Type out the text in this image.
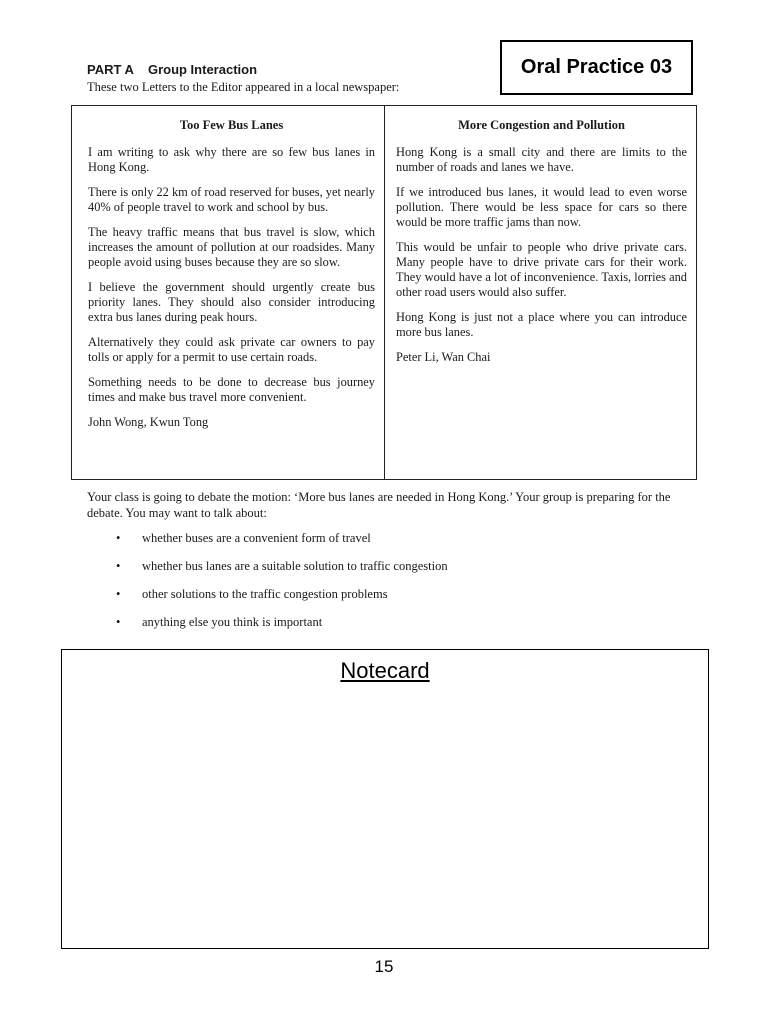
PART A Group Interaction
These two Letters to the Editor appeared in a local newspaper:
Oral Practice 03
Too Few Bus Lanes

I am writing to ask why there are so few bus lanes in Hong Kong.

There is only 22 km of road reserved for buses, yet nearly 40% of people travel to work and school by bus.

The heavy traffic means that bus travel is slow, which increases the amount of pollution at our roadsides. Many people avoid using buses because they are so slow.

I believe the government should urgently create bus priority lanes. They should also consider introducing extra bus lanes during peak hours.

Alternatively they could ask private car owners to pay tolls or apply for a permit to use certain roads.

Something needs to be done to decrease bus journey times and make bus travel more convenient.

John Wong, Kwun Tong

More Congestion and Pollution

Hong Kong is a small city and there are limits to the number of roads and lanes we have.

If we introduced bus lanes, it would lead to even worse pollution. There would be less space for cars so there would be more traffic jams than now.

This would be unfair to people who drive private cars. Many people have to drive private cars for their work. They would have a lot of inconvenience. Taxis, lorries and other road users would also suffer.

Hong Kong is just not a place where you can introduce more bus lanes.

Peter Li, Wan Chai

Your class is going to debate the motion: ‘More bus lanes are needed in Hong Kong.’ Your group is preparing for the debate. You may want to talk about:
•	whether buses are a convenient form of travel
•	whether bus lanes are a suitable solution to traffic congestion
•	other solutions to the traffic congestion problems
•	anything else you think is important
Notecard
15
